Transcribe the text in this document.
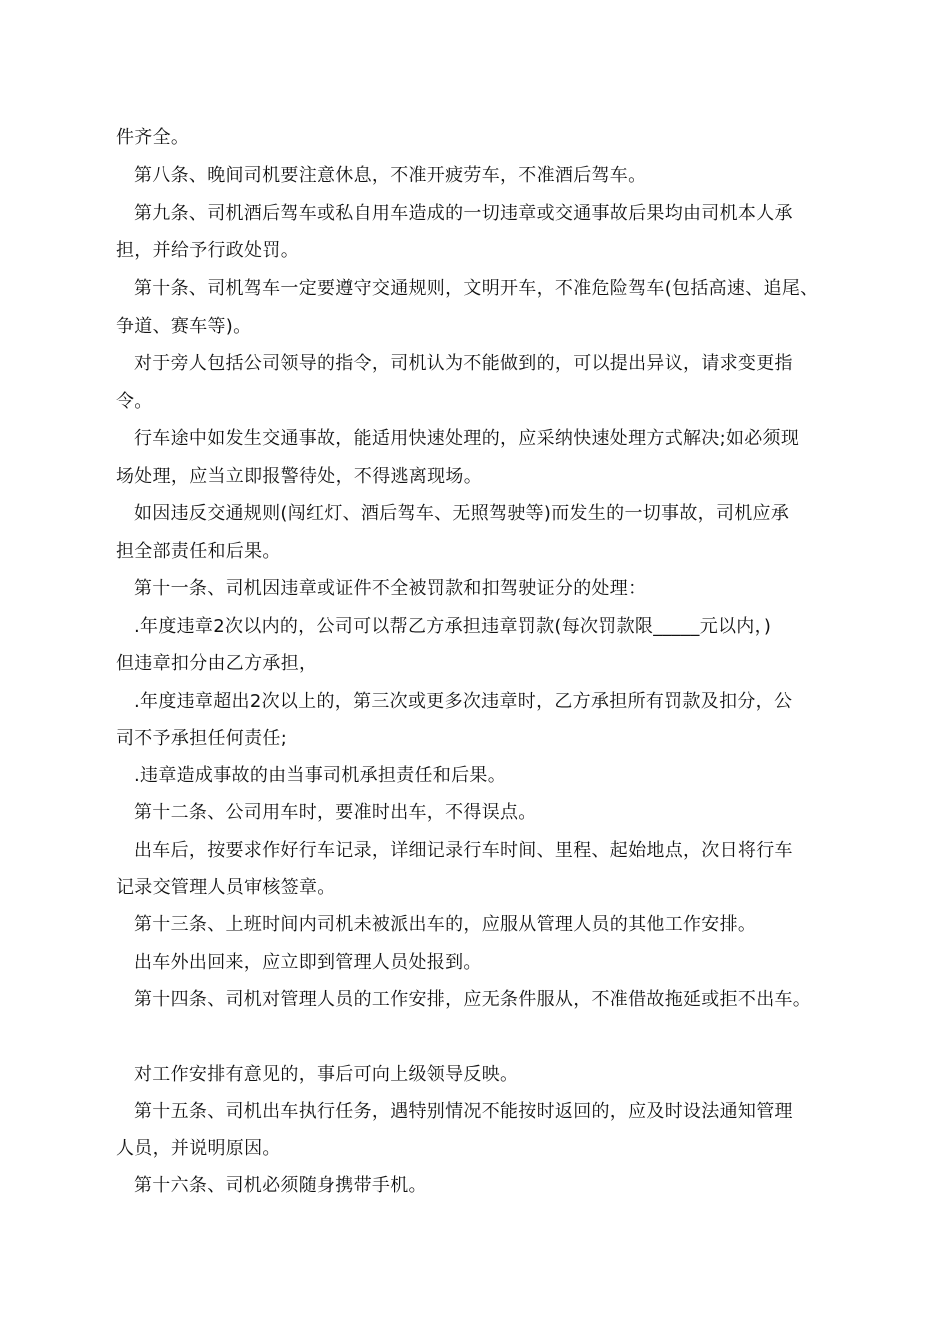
件齐全。
第八条、晚间司机要注意休息，不准开疲劳车，不准酒后驾车。
第九条、司机酒后驾车或私自用车造成的一切违章或交通事故后果均由司机本人承
担，并给予行政处罚。
第十条、司机驾车一定要遵守交通规则，文明开车，不准危险驾车(包括高速、追尾、
争道、赛车等)。
对于旁人包括公司领导的指令，司机认为不能做到的，可以提出异议，请求变更指
令。
行车途中如发生交通事故，能适用快速处理的，应采纳快速处理方式解决;如必须现
场处理，应当立即报警待处，不得逃离现场。
如因违反交通规则(闯红灯、酒后驾车、无照驾驶等)而发生的一切事故，司机应承
担全部责任和后果。
第十一条、司机因违章或证件不全被罚款和扣驾驶证分的处理：
.年度违章2次以内的，公司可以帮乙方承担违章罚款(每次罚款限_____元以内，)
但违章扣分由乙方承担，
.年度违章超出2次以上的，第三次或更多次违章时，乙方承担所有罚款及扣分，公
司不予承担任何责任;
.违章造成事故的由当事司机承担责任和后果。
第十二条、公司用车时，要准时出车，不得误点。
出车后，按要求作好行车记录，详细记录行车时间、里程、起始地点，次日将行车
记录交管理人员审核签章。
第十三条、上班时间内司机未被派出车的，应服从管理人员的其他工作安排。
出车外出回来，应立即到管理人员处报到。
第十四条、司机对管理人员的工作安排，应无条件服从，不准借故拖延或拒不出车。
对工作安排有意见的，事后可向上级领导反映。
第十五条、司机出车执行任务，遇特别情况不能按时返回的，应及时设法通知管理
人员，并说明原因。
第十六条、司机必须随身携带手机。
